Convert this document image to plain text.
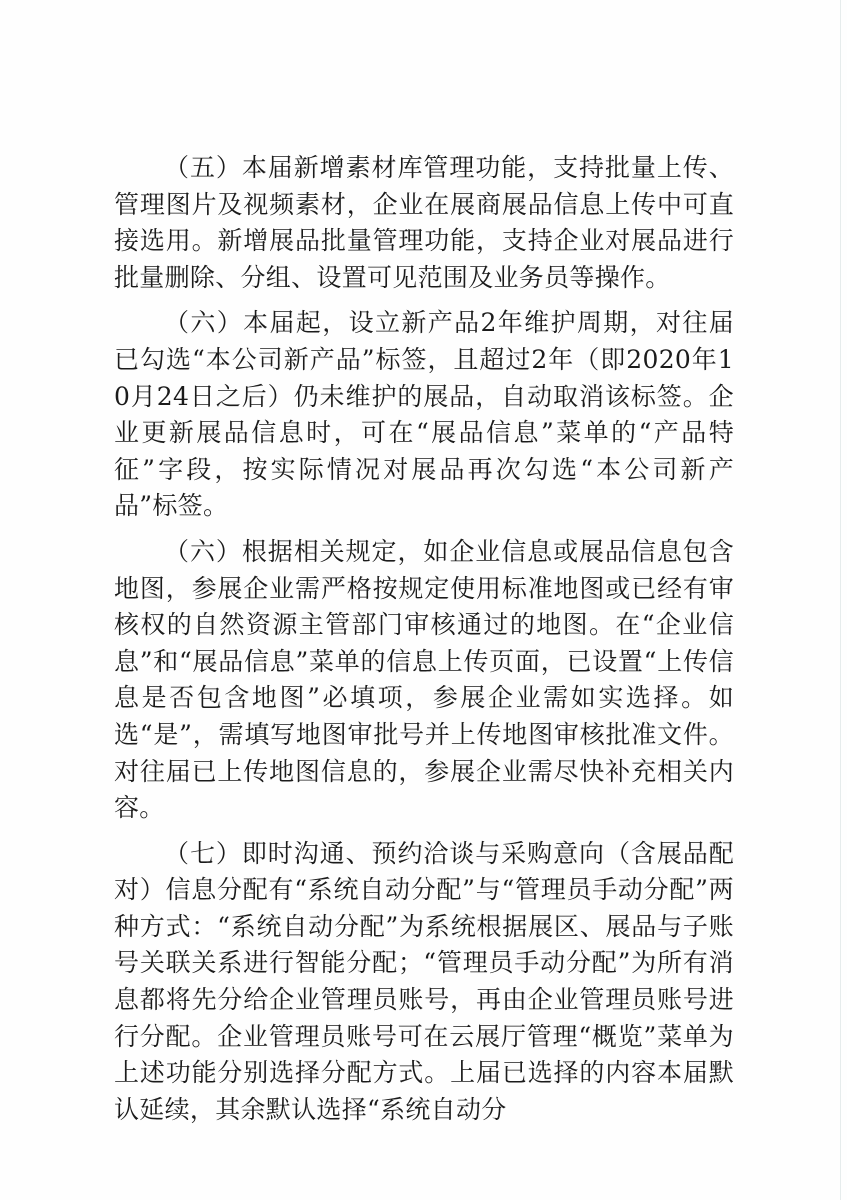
（五）本届新增素材库管理功能，支持批量上传、管理图片及视频素材，企业在展商展品信息上传中可直接选用。新增展品批量管理功能，支持企业对展品进行批量删除、分组、设置可见范围及业务员等操作。

（六）本届起，设立新产品2年维护周期，对往届已勾选“本公司新产品”标签，且超过2年（即2020年10月24日之后）仍未维护的展品，自动取消该标签。企业更新展品信息时，可在“展品信息”菜单的“产品特征”字段，按实际情况对展品再次勾选“本公司新产品”标签。

（六）根据相关规定，如企业信息或展品信息包含地图，参展企业需严格按规定使用标准地图或已经有审核权的自然资源主管部门审核通过的地图。在“企业信息”和“展品信息”菜单的信息上传页面，已设置“上传信息是否包含地图”必填项，参展企业需如实选择。如选“是”，需填写地图审批号并上传地图审核批准文件。对往届已上传地图信息的，参展企业需尽快补充相关内容。

（七）即时沟通、预约洽谈与采购意向（含展品配对）信息分配有“系统自动分配”与“管理员手动分配”两种方式：“系统自动分配”为系统根据展区、展品与子账号关联关系进行智能分配；“管理员手动分配”为所有消息都将先分给企业管理员账号，再由企业管理员账号进行分配。企业管理员账号可在云展厅管理“概览”菜单为上述功能分别选择分配方式。上届已选择的内容本届默认延续，其余默认选择“系统自动分
